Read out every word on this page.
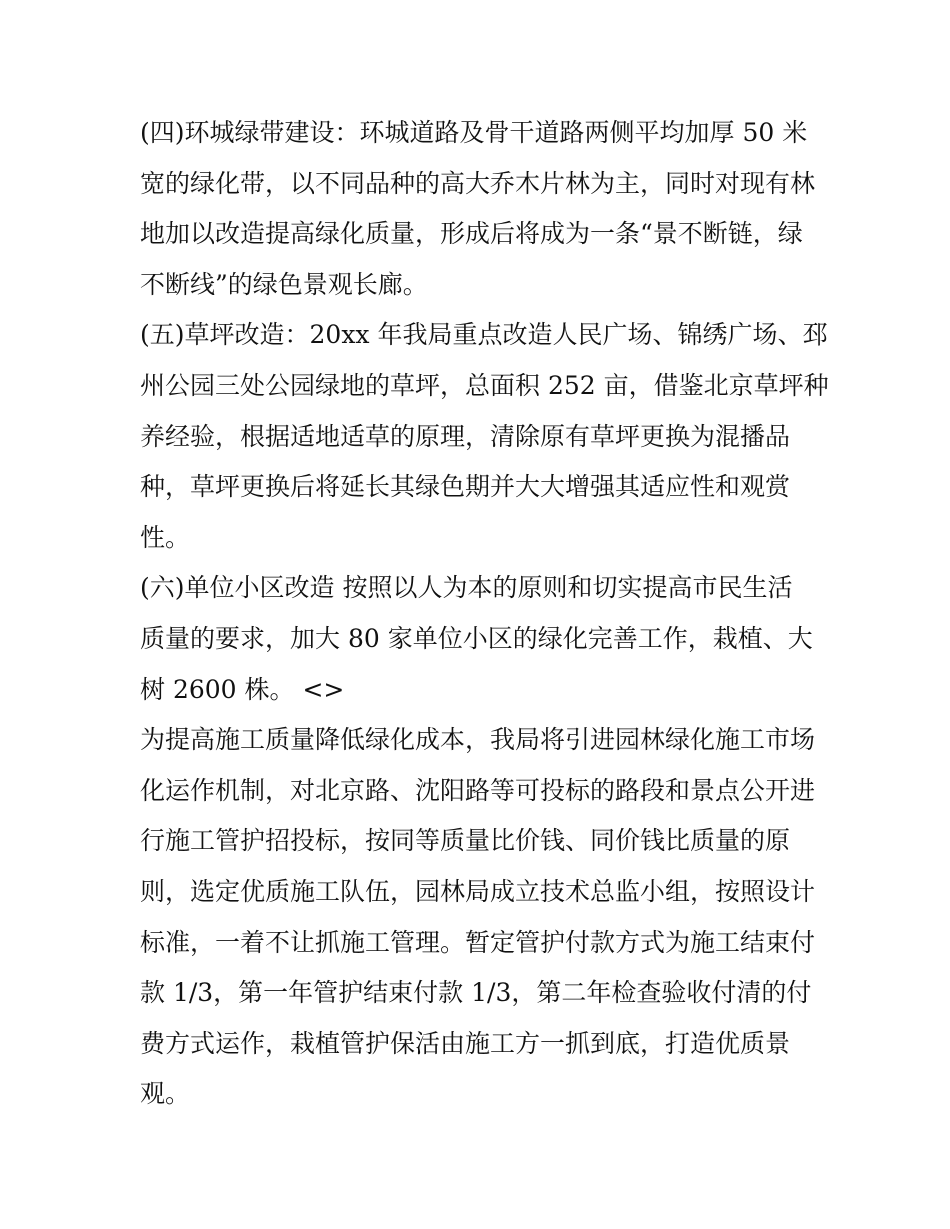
(四)环城绿带建设：环城道路及骨干道路两侧平均加厚 50 米
宽的绿化带，以不同品种的高大乔木片林为主，同时对现有林
地加以改造提高绿化质量，形成后将成为一条“景不断链，绿
不断线”的绿色景观长廊。

(五)草坪改造：20xx 年我局重点改造人民广场、锦绣广场、邳
州公园三处公园绿地的草坪，总面积 252 亩，借鉴北京草坪种
养经验，根据适地适草的原理，清除原有草坪更换为混播品
种，草坪更换后将延长其绿色期并大大增强其适应性和观赏
性。

(六)单位小区改造 按照以人为本的原则和切实提高市民生活
质量的要求，加大 80 家单位小区的绿化完善工作，栽植、大
树 2600 株。 <>

为提高施工质量降低绿化成本，我局将引进园林绿化施工市场
化运作机制，对北京路、沈阳路等可投标的路段和景点公开进
行施工管护招投标，按同等质量比价钱、同价钱比质量的原
则，选定优质施工队伍，园林局成立技术总监小组，按照设计
标准，一着不让抓施工管理。暂定管护付款方式为施工结束付
款 1/3，第一年管护结束付款 1/3，第二年检查验收付清的付
费方式运作，栽植管护保活由施工方一抓到底，打造优质景
观。
